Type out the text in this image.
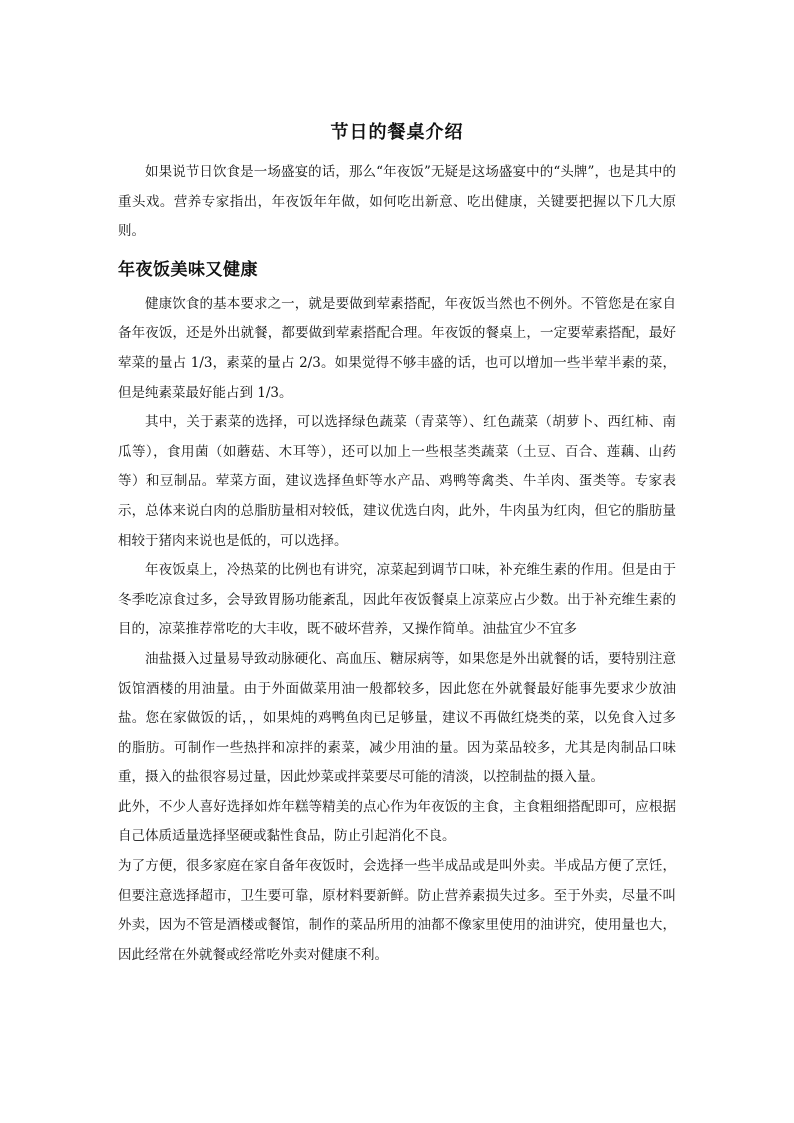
节日的餐桌介绍

如果说节日饮食是一场盛宴的话，那么“年夜饭”无疑是这场盛宴中的“头牌”，也是其中的重头戏。营养专家指出，年夜饭年年做，如何吃出新意、吃出健康，关键要把握以下几大原则。

年夜饭美味又健康

健康饮食的基本要求之一，就是要做到荤素搭配，年夜饭当然也不例外。不管您是在家自备年夜饭，还是外出就餐，都要做到荤素搭配合理。年夜饭的餐桌上，一定要荤素搭配，最好荤菜的量占 1/3，素菜的量占 2/3。如果觉得不够丰盛的话，也可以增加一些半荤半素的菜，但是纯素菜最好能占到 1/3。

其中，关于素菜的选择，可以选择绿色蔬菜（青菜等）、红色蔬菜（胡萝卜、西红柿、南瓜等），食用菌（如蘑菇、木耳等），还可以加上一些根茎类蔬菜（土豆、百合、莲藕、山药等）和豆制品。荤菜方面，建议选择鱼虾等水产品、鸡鸭等禽类、牛羊肉、蛋类等。专家表示，总体来说白肉的总脂肪量相对较低，建议优选白肉，此外，牛肉虽为红肉，但它的脂肪量相较于猪肉来说也是低的，可以选择。

年夜饭桌上，冷热菜的比例也有讲究，凉菜起到调节口味，补充维生素的作用。但是由于冬季吃凉食过多，会导致胃肠功能紊乱，因此年夜饭餐桌上凉菜应占少数。出于补充维生素的目的，凉菜推荐常吃的大丰收，既不破坏营养，又操作简单。油盐宜少不宜多

油盐摄入过量易导致动脉硬化、高血压、糖尿病等，如果您是外出就餐的话，要特别注意饭馆酒楼的用油量。由于外面做菜用油一般都较多，因此您在外就餐最好能事先要求少放油盐。您在家做饭的话，，如果炖的鸡鸭鱼肉已足够量，建议不再做红烧类的菜，以免食入过多的脂肪。可制作一些热拌和凉拌的素菜，减少用油的量。因为菜品较多，尤其是肉制品口味重，摄入的盐很容易过量，因此炒菜或拌菜要尽可能的清淡，以控制盐的摄入量。

此外，不少人喜好选择如炸年糕等精美的点心作为年夜饭的主食，主食粗细搭配即可，应根据自己体质适量选择坚硬或黏性食品，防止引起消化不良。

为了方便，很多家庭在家自备年夜饭时，会选择一些半成品或是叫外卖。半成品方便了烹饪，但要注意选择超市，卫生要可靠，原材料要新鲜。防止营养素损失过多。至于外卖，尽量不叫外卖，因为不管是酒楼或餐馆，制作的菜品所用的油都不像家里使用的油讲究，使用量也大，因此经常在外就餐或经常吃外卖对健康不利。
